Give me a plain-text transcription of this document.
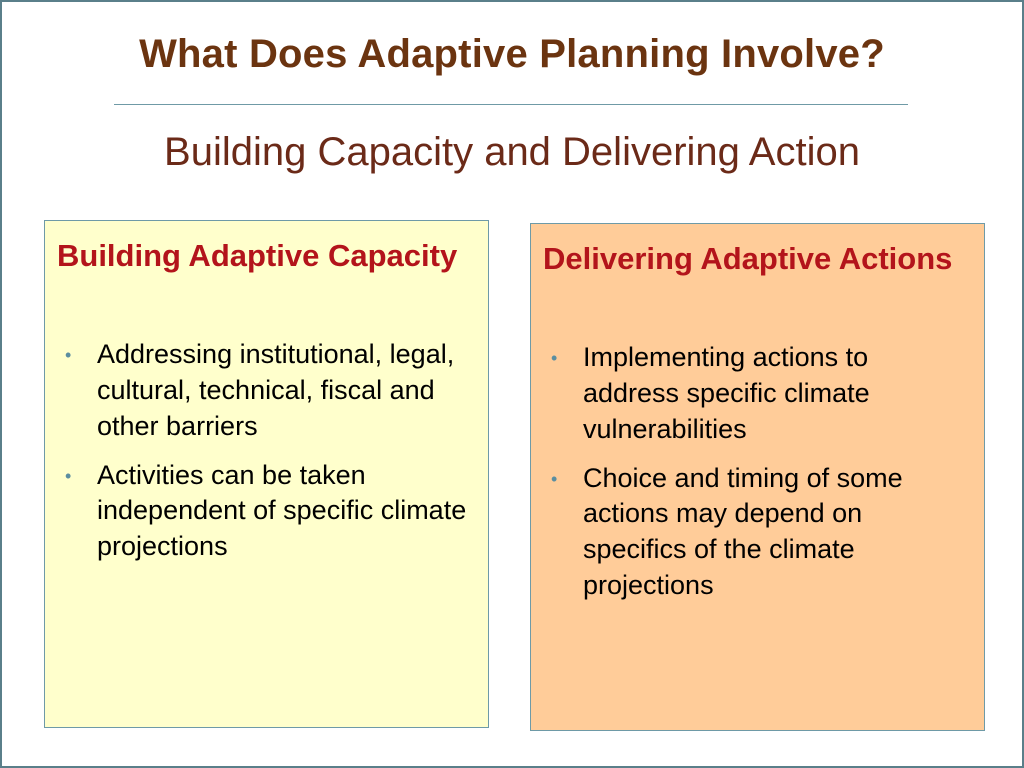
What Does Adaptive Planning Involve?
Building Capacity and Delivering Action
Building Adaptive Capacity
• Addressing institutional, legal, cultural, technical, fiscal and other barriers
• Activities can be taken independent of specific climate projections
Delivering Adaptive Actions
• Implementing actions to address specific climate vulnerabilities
• Choice and timing of some actions may depend on specifics of the climate projections
